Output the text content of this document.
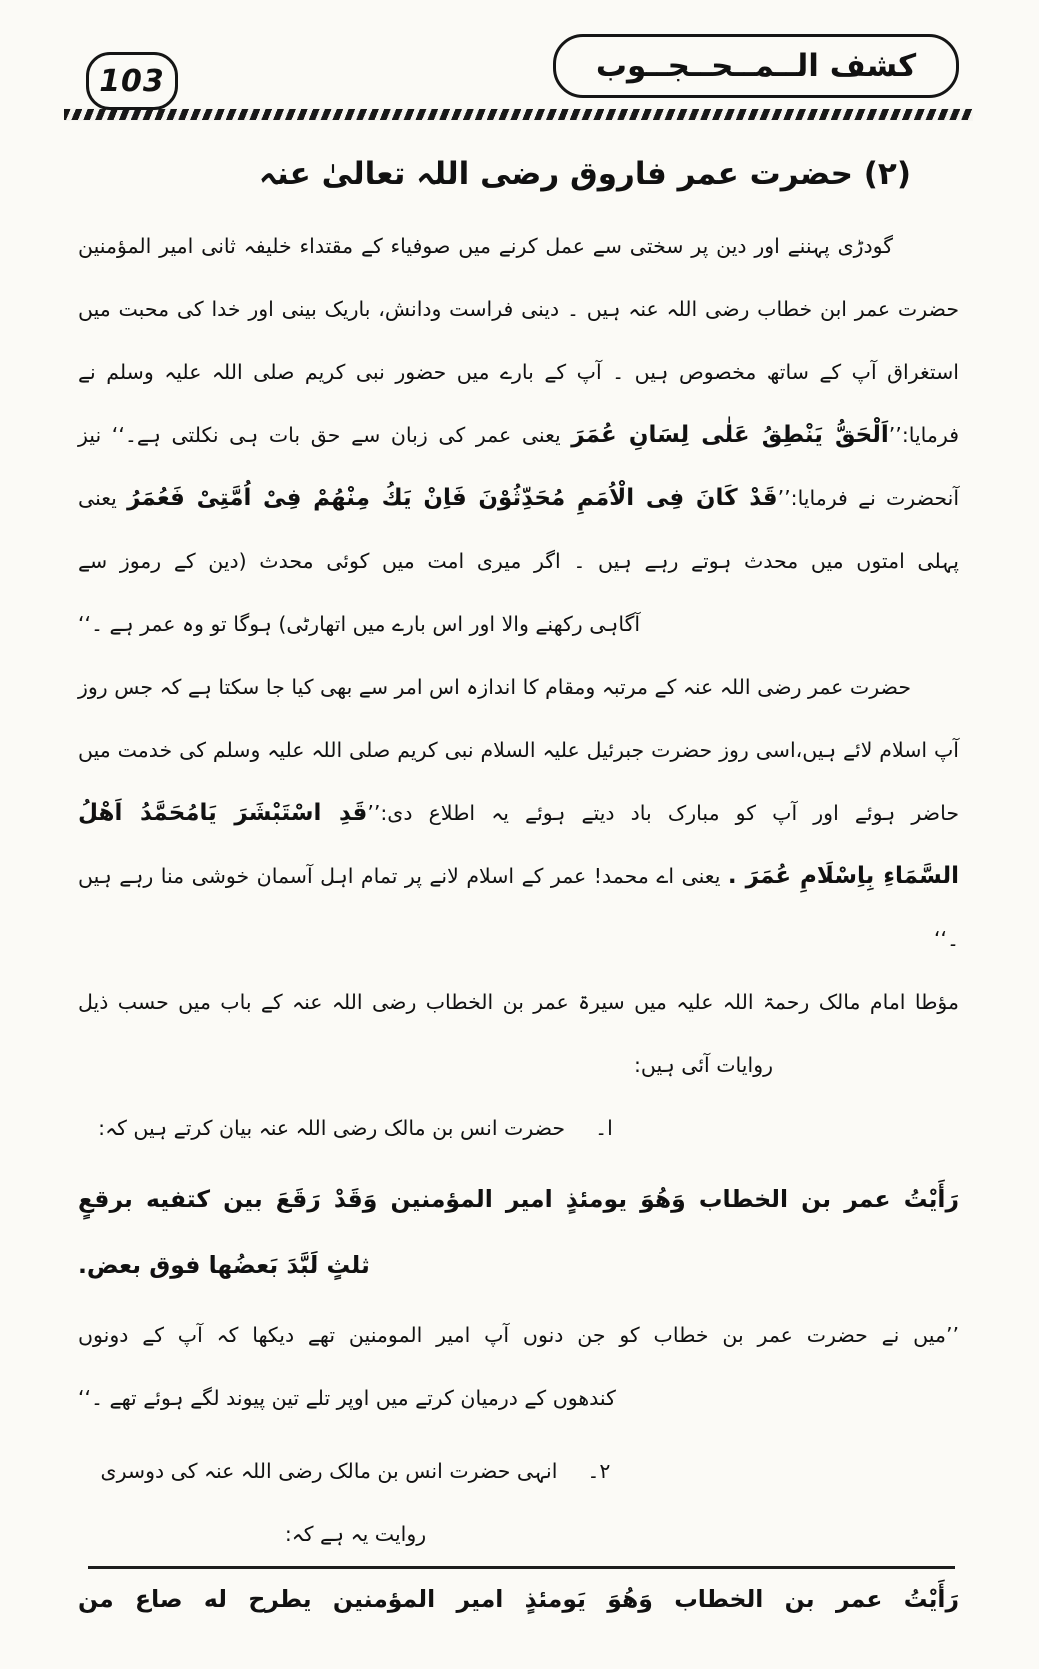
103	کشف الــمــحــجــوب
(۲) حضرت عمر فاروق رضی اللہ تعالیٰ عنہ

گودڑی پہننے اور دین پر سختی سے عمل کرنے میں صوفیاء کے مقتداء خلیفہ ثانی امیر المؤمنین

حضرت عمر ابن خطاب رضی اللہ عنہ ہیں ۔ دینی فراست ودانش، باریک بینی اور خدا کی محبت میں

استغراق آپ کے ساتھ مخصوص ہیں ۔ آپ کے بارے میں حضور نبی کریم صلی اللہ علیہ وسلم نے

فرمایا:’’اَلْحَقُّ یَنْطِقُ عَلٰی لِسَانِ عُمَرَ یعنی عمر کی زبان سے حق بات ہی نکلتی ہے۔‘‘ نیز

آنحضرت نے فرمایا:’’قَدْ كَانَ فِی الْاُمَمِ مُحَدِّثُوْنَ فَاِنْ یَكُ مِنْهُمْ فِیْ اُمَّتِیْ فَعُمَرُ یعنی

پہلی امتوں میں محدث ہوتے رہے ہیں ۔ اگر میری امت میں کوئی محدث (دین کے رموز سے

آگاہی رکھنے والا اور اس بارے میں اتھارٹی) ہوگا تو وہ عمر ہے ۔‘‘

حضرت عمر رضی اللہ عنہ کے مرتبہ ومقام کا اندازہ اس امر سے بھی کیا جا سکتا ہے کہ جس روز

آپ اسلام لائے ہیں،اسی روز حضرت جبرئیل علیہ السلام نبی کریم صلی اللہ علیہ وسلم کی خدمت میں

حاضر ہوئے اور آپ کو مبارک باد دیتے ہوئے یہ اطلاع دی:’’قَدِ اسْتَبْشَرَ یَامُحَمَّدُ اَهْلُ

السَّمَاءِ بِاِسْلَامِ عُمَرَ . یعنی اے محمد! عمر کے اسلام لانے پر تمام اہل آسمان خوشی منا رہے ہیں ۔‘‘

مؤطا امام مالک رحمۃ اللہ علیہ میں سیرۃ عمر بن الخطاب رضی اللہ عنہ کے باب میں حسب ذیل

روایات آئی ہیں:

ا۔حضرت انس بن مالک رضی اللہ عنہ بیان کرتے ہیں کہ:

رَأَیْتُ عمر بن الخطاب وَهُوَ یومئذٍ امیر المؤمنین وَقَدْ رَقَعَ بین كتفیه برقعٍ

ثلثٍ لَبَّدَ بَعضُها فوق بعض.

’’میں نے حضرت عمر بن خطاب کو جن دنوں آپ امیر المومنین تھے دیکھا کہ آپ کے دونوں

کندھوں کے درمیان کرتے میں اوپر تلے تین پیوند لگے ہوئے تھے ۔‘‘

۲۔انہی حضرت انس بن مالک رضی اللہ عنہ کی دوسری روایت یہ ہے کہ:

رَأَیْتُ عمر بن الخطاب وَهُوَ یَومئذٍ امیر المؤمنین یطرح له صاع من
